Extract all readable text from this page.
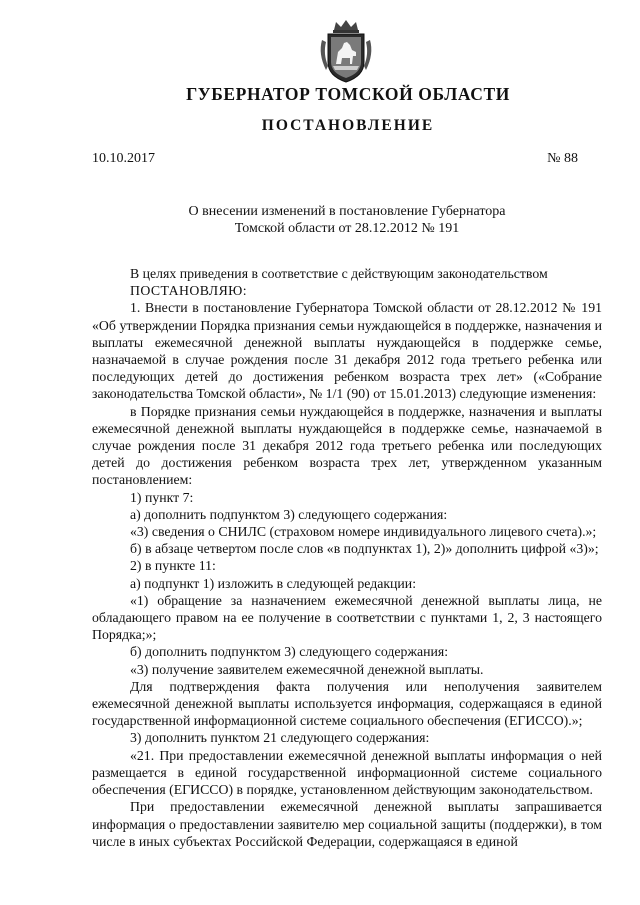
ГУБЕРНАТОР ТОМСКОЙ ОБЛАСТИ
ПОСТАНОВЛЕНИЕ
10.10.2017	№ 88
О внесении изменений в постановление Губернатора
Томской области от 28.12.2012 № 191

В целях приведения в соответствие с действующим законодательством

ПОСТАНОВЛЯЮ:

1. Внести в постановление Губернатора Томской области от 28.12.2012 № 191 «Об утверждении Порядка признания семьи нуждающейся в поддержке, назначения и выплаты ежемесячной денежной выплаты нуждающейся в поддержке семье, назначаемой в случае рождения после 31 декабря 2012 года третьего ребенка или последующих детей до достижения ребенком возраста трех лет» («Собрание законодательства Томской области», № 1/1 (90) от 15.01.2013) следующие изменения:

в Порядке признания семьи нуждающейся в поддержке, назначения и выплаты ежемесячной денежной выплаты нуждающейся в поддержке семье, назначаемой в случае рождения после 31 декабря 2012 года третьего ребенка или последующих детей до достижения ребенком возраста трех лет, утвержденном указанным постановлением:

1) пункт 7:

а) дополнить подпунктом 3) следующего содержания:

«3) сведения о СНИЛС (страховом номере индивидуального лицевого счета).»;

б) в абзаце четвертом после слов «в подпунктах 1), 2)» дополнить цифрой «3)»;

2) в пункте 11:

а) подпункт 1) изложить в следующей редакции:

«1) обращение за назначением ежемесячной денежной выплаты лица, не обладающего правом на ее получение в соответствии с пунктами 1, 2, 3 настоящего Порядка;»;

б) дополнить подпунктом 3) следующего содержания:

«3) получение заявителем ежемесячной денежной выплаты.

Для подтверждения факта получения или неполучения заявителем ежемесячной денежной выплаты используется информация, содержащаяся в единой государственной информационной системе социального обеспечения (ЕГИССО).»;

3) дополнить пунктом 21 следующего содержания:

«21. При предоставлении ежемесячной денежной выплаты информация о ней размещается в единой государственной информационной системе социального обеспечения (ЕГИССО) в порядке, установленном действующим законодательством.

При предоставлении ежемесячной денежной выплаты запрашивается информация о предоставлении заявителю мер социальной защиты (поддержки), в том числе в иных субъектах Российской Федерации, содержащаяся в единой
